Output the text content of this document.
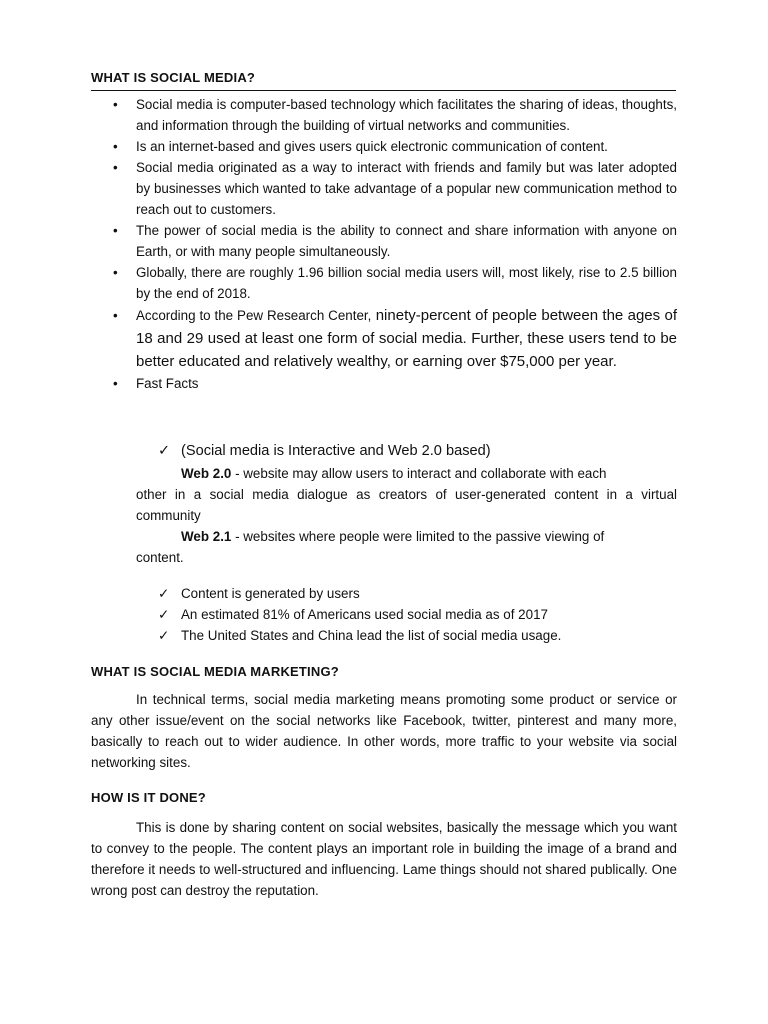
WHAT IS SOCIAL MEDIA?
• Social media is computer-based technology which facilitates the sharing of ideas, thoughts, and information through the building of virtual networks and communities.
• Is an internet-based and gives users quick electronic communication of content.
• Social media originated as a way to interact with friends and family but was later adopted by businesses which wanted to take advantage of a popular new communication method to reach out to customers.
• The power of social media is the ability to connect and share information with anyone on Earth, or with many people simultaneously.
• Globally, there are roughly 1.96 billion social media users will, most likely, rise to 2.5 billion by the end of 2018.
• According to the Pew Research Center, ninety-percent of people between the ages of 18 and 29 used at least one form of social media. Further, these users tend to be better educated and relatively wealthy, or earning over $75,000 per year.
• Fast Facts
✓ (Social media is Interactive and Web 2.0 based)
Web 2.0 - website may allow users to interact and collaborate with each
other in a social media dialogue as creators of user-generated content in a virtual community
Web 2.1 - websites where people were limited to the passive viewing of
content.
✓ Content is generated by users
✓ An estimated 81% of Americans used social media as of 2017
✓ The United States and China lead the list of social media usage.
WHAT IS SOCIAL MEDIA MARKETING?

In technical terms, social media marketing means promoting some product or service or any other issue/event on the social networks like Facebook, twitter, pinterest and many more, basically to reach out to wider audience. In other words, more traffic to your website via social networking sites.

HOW IS IT DONE?

This is done by sharing content on social websites, basically the message which you want to convey to the people. The content plays an important role in building the image of a brand and therefore it needs to well-structured and influencing. Lame things should not shared publically. One wrong post can destroy the reputation.
